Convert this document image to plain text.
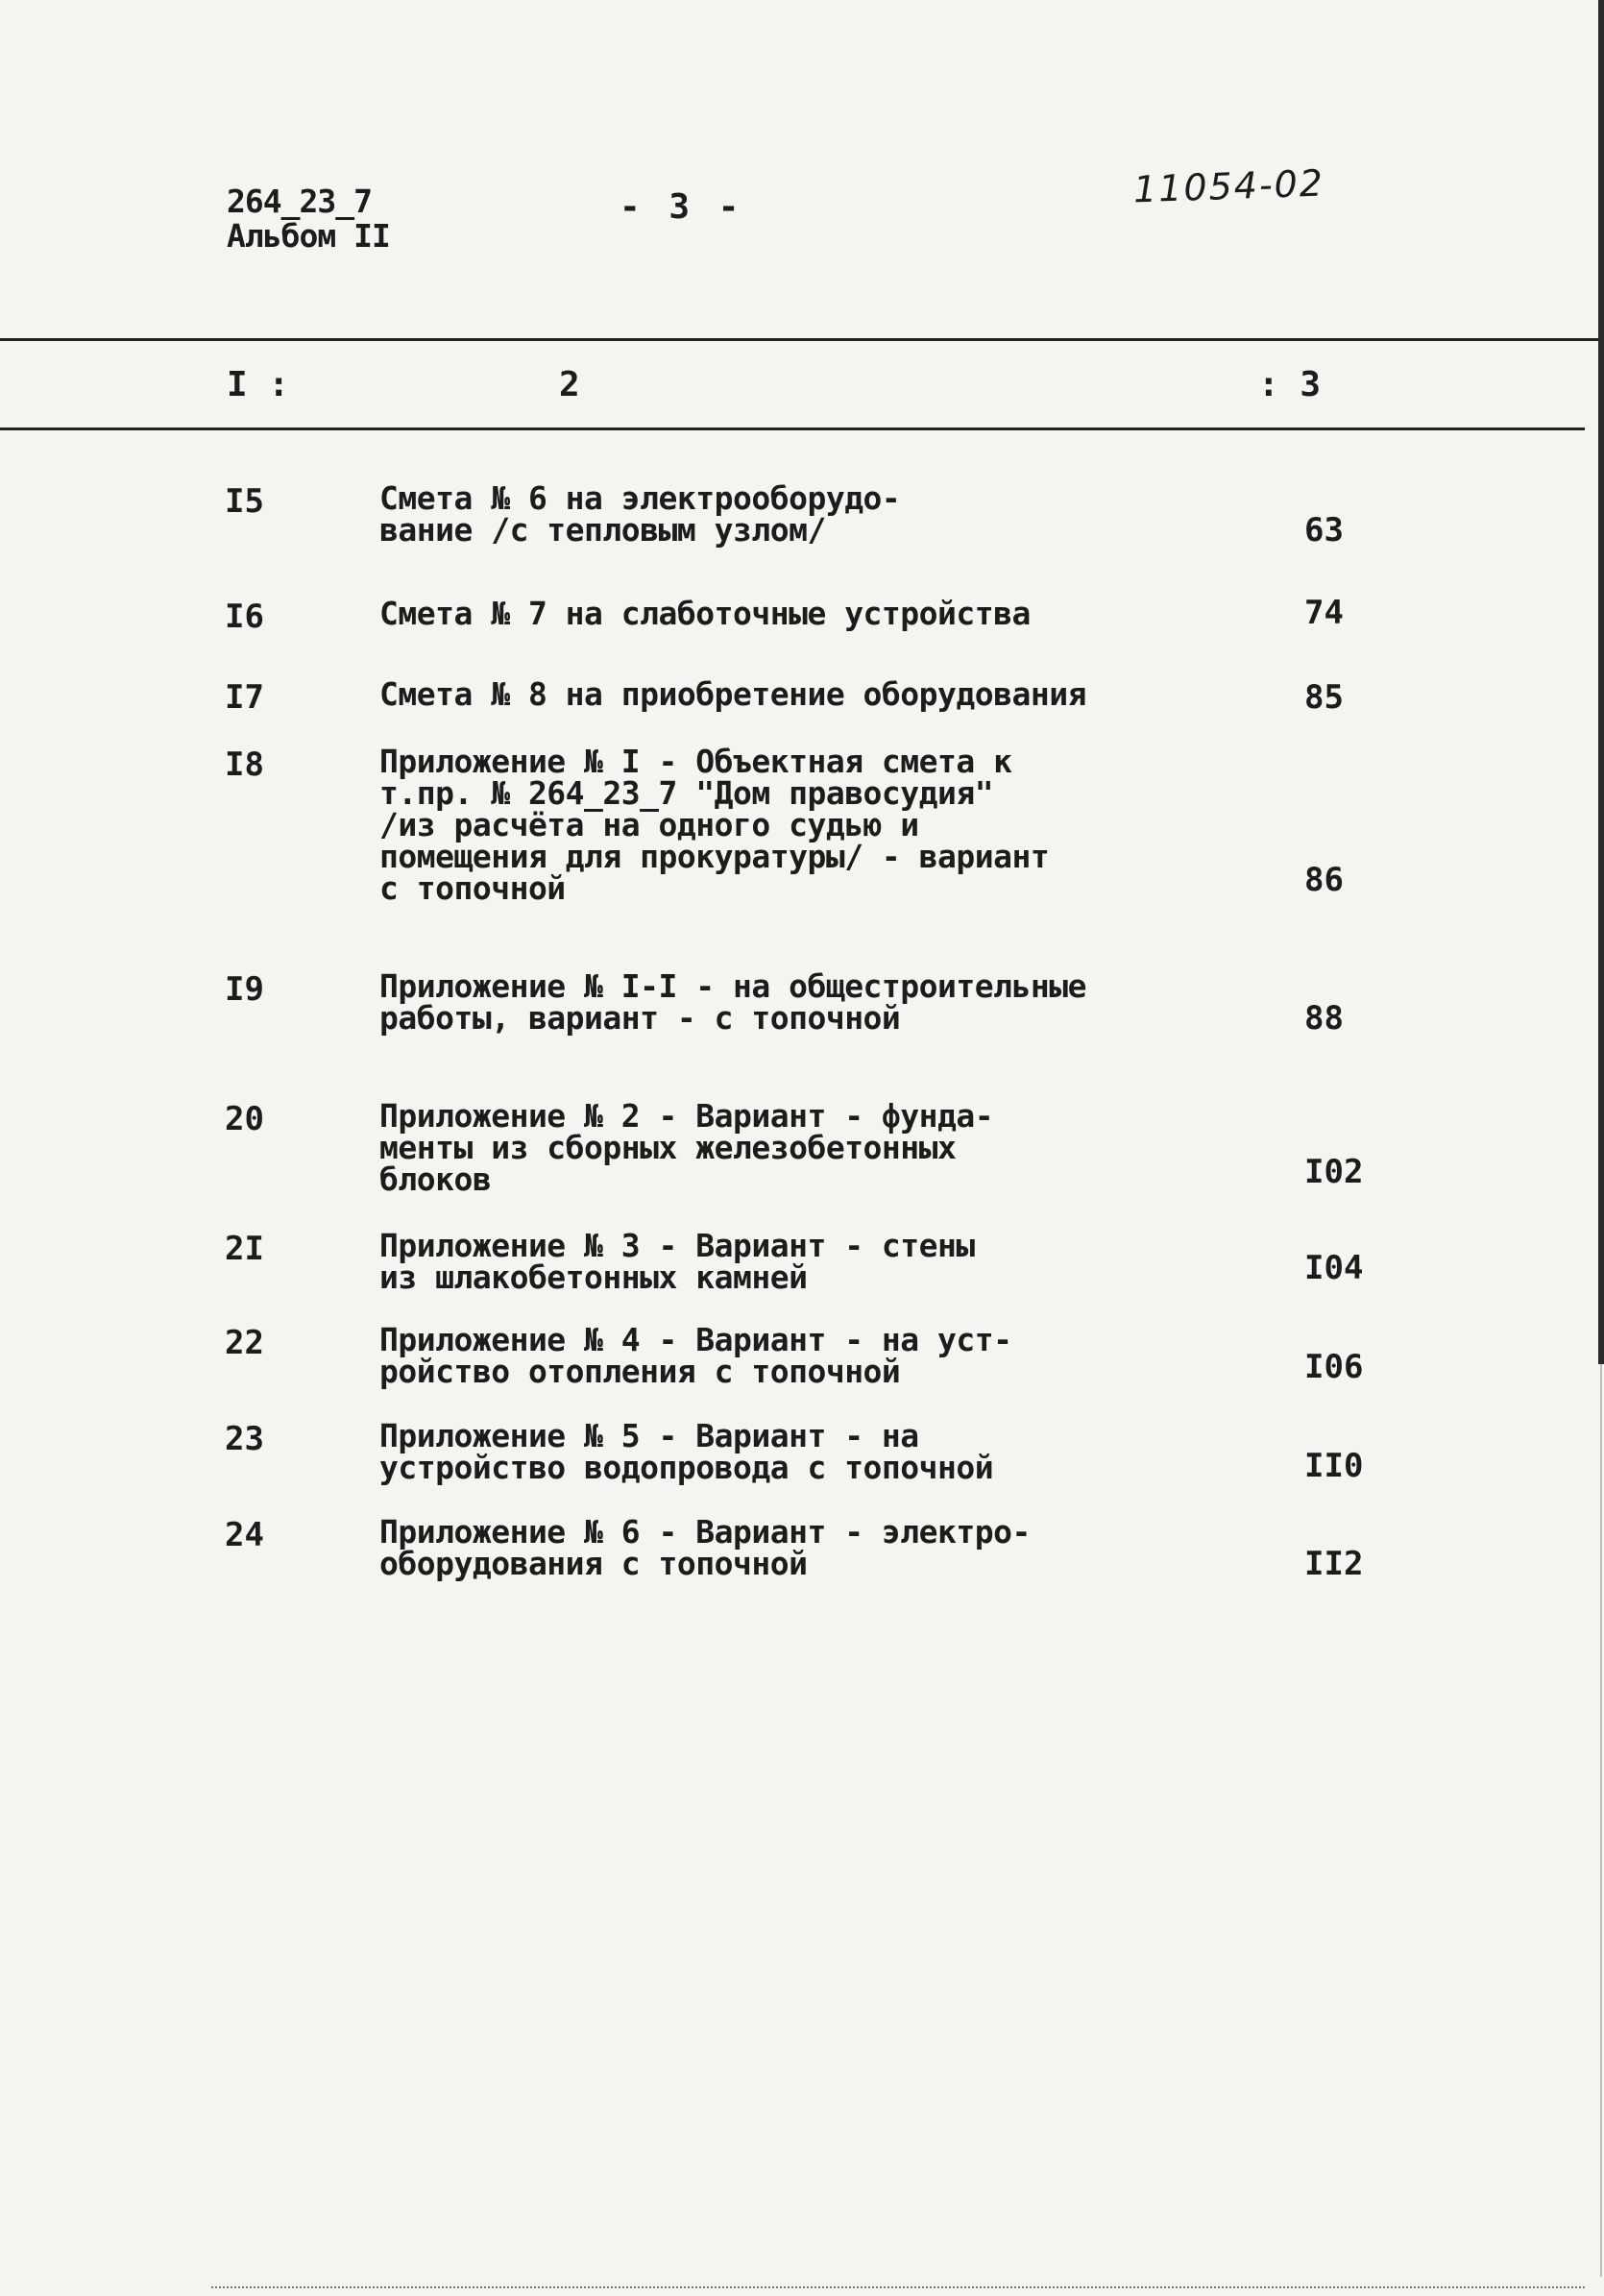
264_23_7
Альбом II
- 3 -	11054-02
I :	2	: 3
I5	Смета № 6 на электрооборудо-
вание /с тепловым узлом/	63
I6	Смета № 7 на слаботочные устройства	74
I7	Смета № 8 на приобретение оборудования	85
I8	Приложение № I - Объектная смета к
т.пр. № 264_23_7 "Дом правосудия"
/из расчёта на одного судью и
помещения для прокуратуры/ - вариант
с топочной	86
I9	Приложение № I-I - на общестроительные
работы, вариант - с топочной	88
20	Приложение № 2 - Вариант - фунда-
менты из сборных железобетонных
блоков	I02
2I	Приложение № 3 - Вариант - стены
из шлакобетонных камней	I04
22	Приложение № 4 - Вариант - на уст-
ройство отопления с топочной	I06
23	Приложение № 5 - Вариант - на
устройство водопровода с топочной	II0
24	Приложение № 6 - Вариант - электро-
оборудования с топочной	II2
